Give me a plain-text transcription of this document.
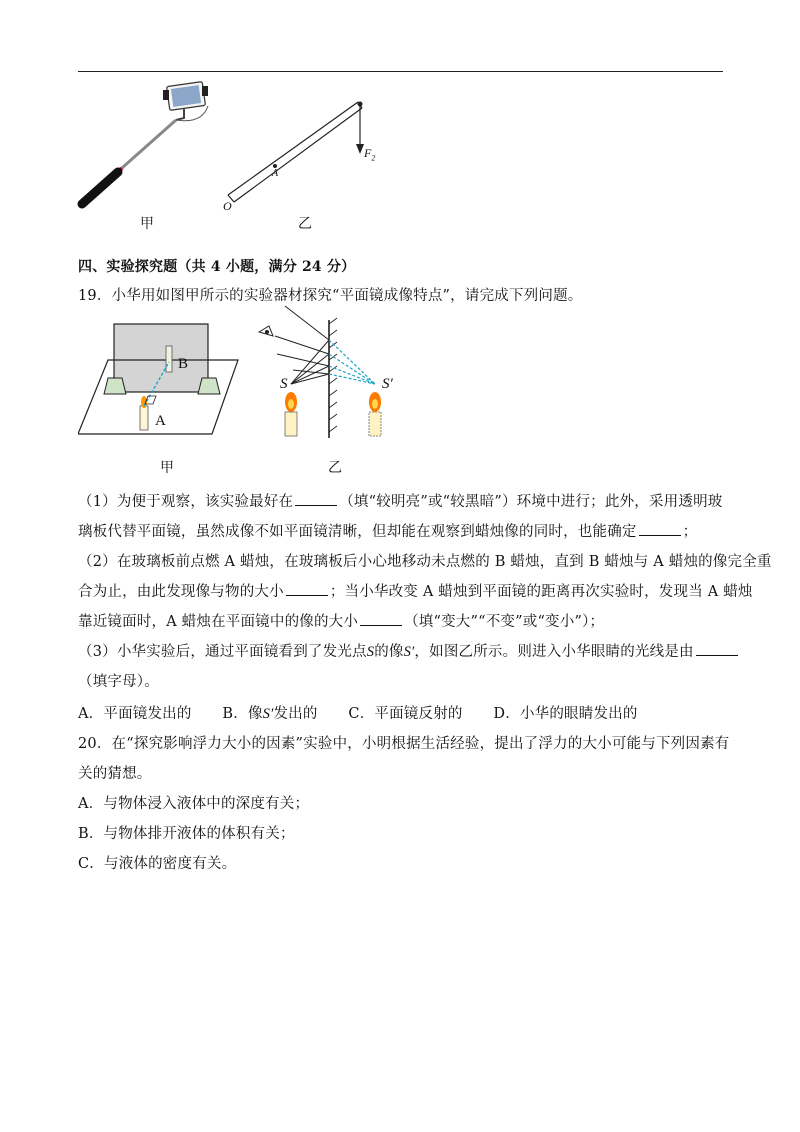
甲
$F_2$
A
O
乙
四、实验探究题（共 4 小题，满分 24 分）
19．小华用如图甲所示的实验器材探究“平面镜成像特点”，请完成下列问题。
B
A
甲
S	S′
乙
（1）为便于观察，该实验最好在	（填“较明亮”或“较黑暗”）环境中进行；此外，采用透明玻
璃板代替平面镜，虽然成像不如平面镜清晰，但却能在观察到蜡烛像的同时，也能确定	；
（2）在玻璃板前点燃 A 蜡烛，在玻璃板后小心地移动未点燃的 B 蜡烛，直到 B 蜡烛与 A 蜡烛的像完全重
合为止，由此发现像与物的大小	；当小华改变 A 蜡烛到平面镜的距离再次实验时，发现当 A 蜡烛
靠近镜面时，A 蜡烛在平面镜中的像的大小	（填“变大”“不变”或“变小”）；
（3）小华实验后，通过平面镜看到了发光点S的像S′，如图乙所示。则进入小华眼睛的光线是由
（填字母）。
A．平面镜发出的 B．像S′发出的 C．平面镜反射的 D．小华的眼睛发出的
20．在“探究影响浮力大小的因素”实验中，小明根据生活经验，提出了浮力的大小可能与下列因素有
关的猜想。
A．与物体浸入液体中的深度有关；
B．与物体排开液体的体积有关；
C．与液体的密度有关。
